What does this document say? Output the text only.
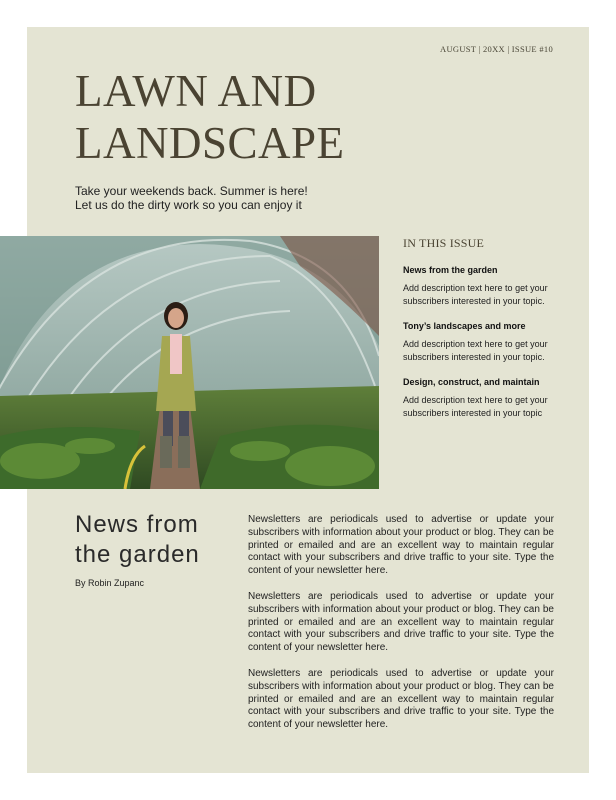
AUGUST | 20XX | ISSUE #10
LAWN AND
LANDSCAPE
Take your weekends back. Summer is here!
Let us do the dirty work so you can enjoy it
IN THIS ISSUE
News from the garden
Add description text here to get your subscribers interested in your topic.
Tony’s landscapes and more
Add description text here to get your subscribers interested in your topic.
Design, construct, and maintain
Add description text here to get your subscribers interested in your topic
News from
the garden
By Robin Zupanc

Newsletters are periodicals used to advertise or update your subscribers with information about your product or blog. They can be printed or emailed and are an excellent way to maintain regular contact with your subscribers and drive traffic to your site. Type the content of your newsletter here.

Newsletters are periodicals used to advertise or update your subscribers with information about your product or blog. They can be printed or emailed and are an excellent way to maintain regular contact with your subscribers and drive traffic to your site. Type the content of your newsletter here.

Newsletters are periodicals used to advertise or update your subscribers with information about your product or blog. They can be printed or emailed and are an excellent way to maintain regular contact with your subscribers and drive traffic to your site. Type the content of your newsletter here.
